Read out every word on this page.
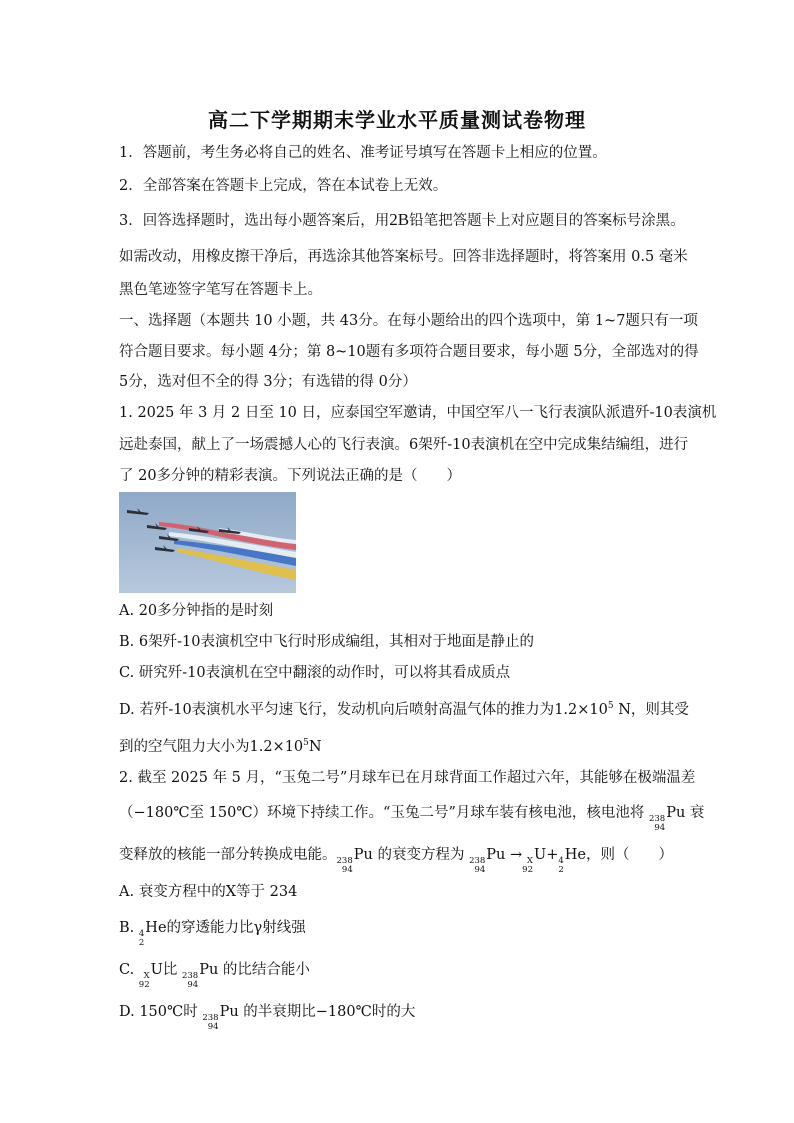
高二下学期期末学业水平质量测试卷物理
1．答题前，考生务必将自己的姓名、准考证号填写在答题卡上相应的位置。
2．全部答案在答题卡上完成，答在本试卷上无效。
3．回答选择题时，选出每小题答案后，用2B铅笔把答题卡上对应题目的答案标号涂黑。
如需改动，用橡皮擦干净后，再选涂其他答案标号。回答非选择题时，将答案用 0.5 毫米
黑色笔迹签字笔写在答题卡上。
一、选择题（本题共 10 小题，共 43分。在每小题给出的四个选项中，第 1~7题只有一项
符合题目要求。每小题 4分；第 8~10题有多项符合题目要求，每小题 5分，全部选对的得
5分，选对但不全的得 3分；有选错的得 0分）
1. 2025 年 3 月 2 日至 10 日，应泰国空军邀请，中国空军八一飞行表演队派遣歼-10表演机
远赴泰国，献上了一场震撼人心的飞行表演。6架歼-10表演机在空中完成集结编组，进行
了 20多分钟的精彩表演。下列说法正确的是（　　）
A. 20多分钟指的是时刻
B. 6架歼-10表演机空中飞行时形成编组，其相对于地面是静止的
C. 研究歼-10表演机在空中翻滚的动作时，可以将其看成质点
D. 若歼-10表演机水平匀速飞行，发动机向后喷射高温气体的推力为$1.2\times 10^5$ N，则其受
到的空气阻力大小为$1.2\times 10^5N$
2. 截至 2025 年 5 月，“玉兔二号”月球车已在月球背面工作超过六年，其能够在极端温差
（−180℃至 150℃）环境下持续工作。“玉兔二号”月球车装有核电池，核电池将 238
94
Pu 衰
变释放的核能一部分转换成电能。 238
94
Pu 的衰变方程为 238
94
Pu → X
92
U+ 4
2
He，则（　　）
A. 衰变方程中的X等于 234
B. 4
2
He的穿透能力比γ射线强
C. X
92
U比 238
94
Pu 的比结合能小
D. 150℃时 238
94
Pu 的半衰期比−180℃时的大
